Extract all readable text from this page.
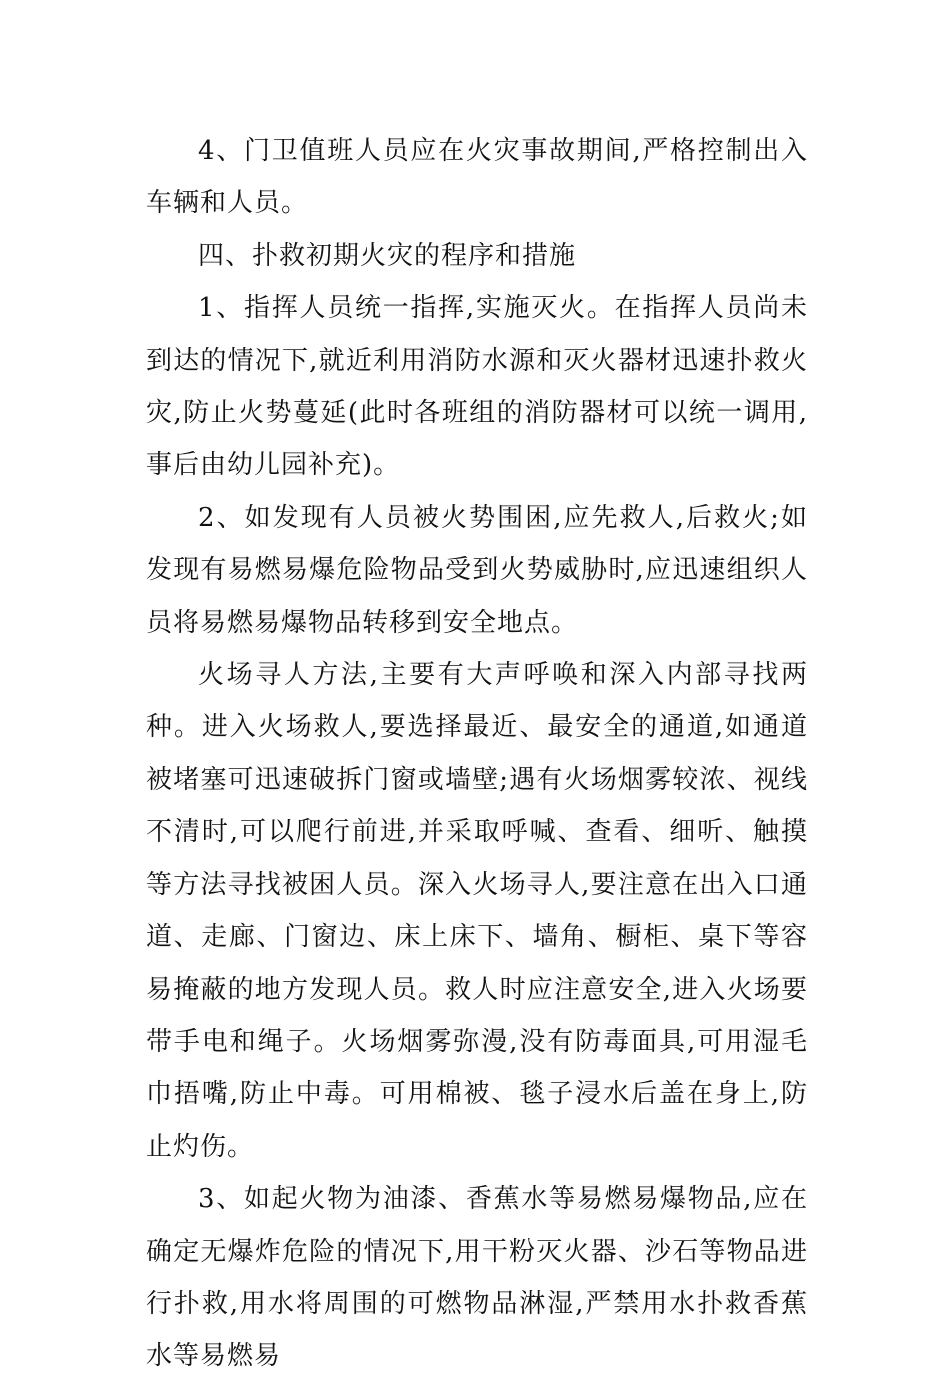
4、门卫值班人员应在火灾事故期间,严格控制出入车辆和人员。

四、扑救初期火灾的程序和措施

1、指挥人员统一指挥,实施灭火。在指挥人员尚未到达的情况下,就近利用消防水源和灭火器材迅速扑救火灾,防止火势蔓延(此时各班组的消防器材可以统一调用,事后由幼儿园补充)。

2、如发现有人员被火势围困,应先救人,后救火;如发现有易燃易爆危险物品受到火势威胁时,应迅速组织人员将易燃易爆物品转移到安全地点。

火场寻人方法,主要有大声呼唤和深入内部寻找两种。进入火场救人,要选择最近、最安全的通道,如通道被堵塞可迅速破拆门窗或墙壁;遇有火场烟雾较浓、视线不清时,可以爬行前进,并采取呼喊、查看、细听、触摸等方法寻找被困人员。深入火场寻人,要注意在出入口通道、走廊、门窗边、床上床下、墙角、橱柜、桌下等容易掩蔽的地方发现人员。救人时应注意安全,进入火场要带手电和绳子。火场烟雾弥漫,没有防毒面具,可用湿毛巾捂嘴,防止中毒。可用棉被、毯子浸水后盖在身上,防止灼伤。

3、如起火物为油漆、香蕉水等易燃易爆物品,应在确定无爆炸危险的情况下,用干粉灭火器、沙石等物品进行扑救,用水将周围的可燃物品淋湿,严禁用水扑救香蕉水等易燃易
